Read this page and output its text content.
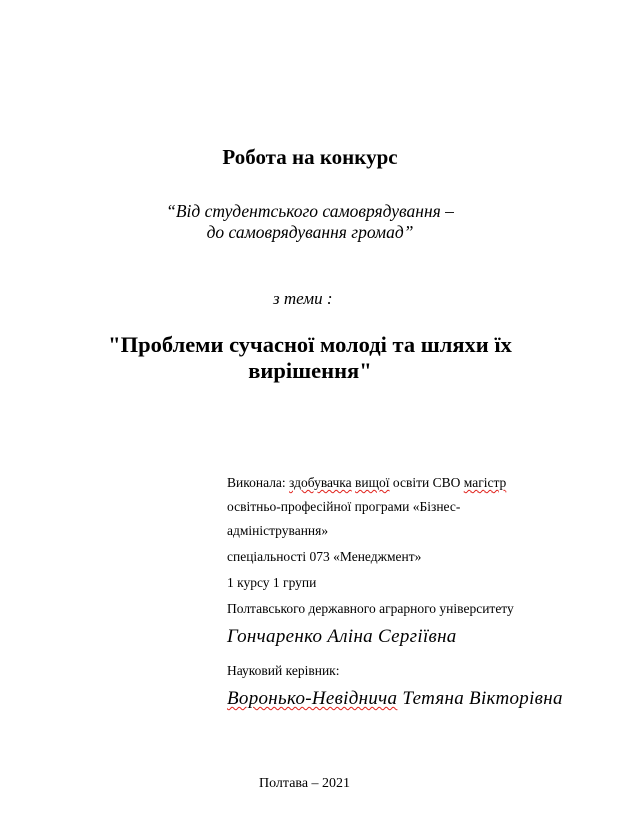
Робота на конкурс
“Від студентського самоврядування –
до самоврядування громад”
з теми :
"Проблеми сучасної молоді та шляхи їх
вирішення"
Виконала: здобувачка вищої освіти СВО магістр
освітньо-професійної програми «Бізнес-
адміністрування»
спеціальності 073 «Менеджмент»
1 курсу 1 групи
Полтавського державного аграрного університету
Гончаренко Аліна Сергіївна
Науковий керівник:
Воронько-Невіднича Тетяна Вікторівна
Полтава – 2021
